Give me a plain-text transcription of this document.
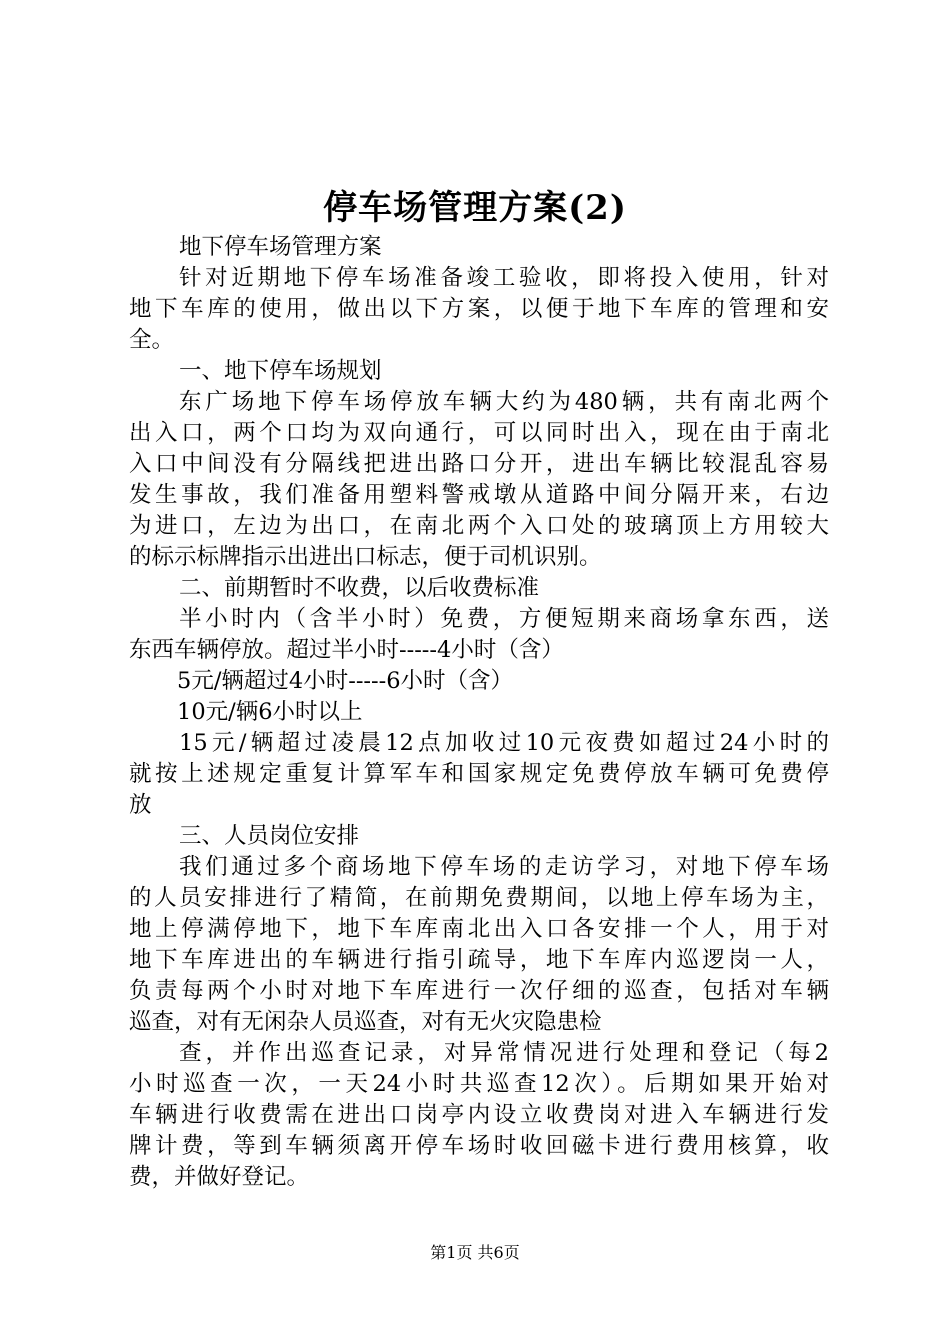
停车场管理方案(2)
地下停车场管理方案
针对近期地下停车场准备竣工验收，即将投入使用，针对
地下车库的使用，做出以下方案，以便于地下车库的管理和安
全。
一、地下停车场规划
东广场地下停车场停放车辆大约为480辆，共有南北两个
出入口，两个口均为双向通行，可以同时出入，现在由于南北
入口中间没有分隔线把进出路口分开，进出车辆比较混乱容易
发生事故，我们准备用塑料警戒墩从道路中间分隔开来，右边
为进口，左边为出口，在南北两个入口处的玻璃顶上方用较大
的标示标牌指示出进出口标志，便于司机识别。
二、前期暂时不收费，以后收费标准
半小时内（含半小时）免费，方便短期来商场拿东西，送
东西车辆停放。超过半小时-----4小时（含）
5元/辆超过4小时-----6小时（含）
10元/辆6小时以上
15元/辆超过凌晨12点加收过10元夜费如超过24小时的
就按上述规定重复计算军车和国家规定免费停放车辆可免费停
放
三、人员岗位安排
我们通过多个商场地下停车场的走访学习，对地下停车场
的人员安排进行了精简，在前期免费期间，以地上停车场为主，
地上停满停地下，地下车库南北出入口各安排一个人，用于对
地下车库进出的车辆进行指引疏导，地下车库内巡逻岗一人，
负责每两个小时对地下车库进行一次仔细的巡查，包括对车辆
巡查，对有无闲杂人员巡查，对有无火灾隐患检
查，并作出巡查记录，对异常情况进行处理和登记（每2
小时巡查一次，一天24小时共巡查12次）。后期如果开始对
车辆进行收费需在进出口岗亭内设立收费岗对进入车辆进行发
牌计费，等到车辆须离开停车场时收回磁卡进行费用核算，收
费，并做好登记。
第1页 共6页
